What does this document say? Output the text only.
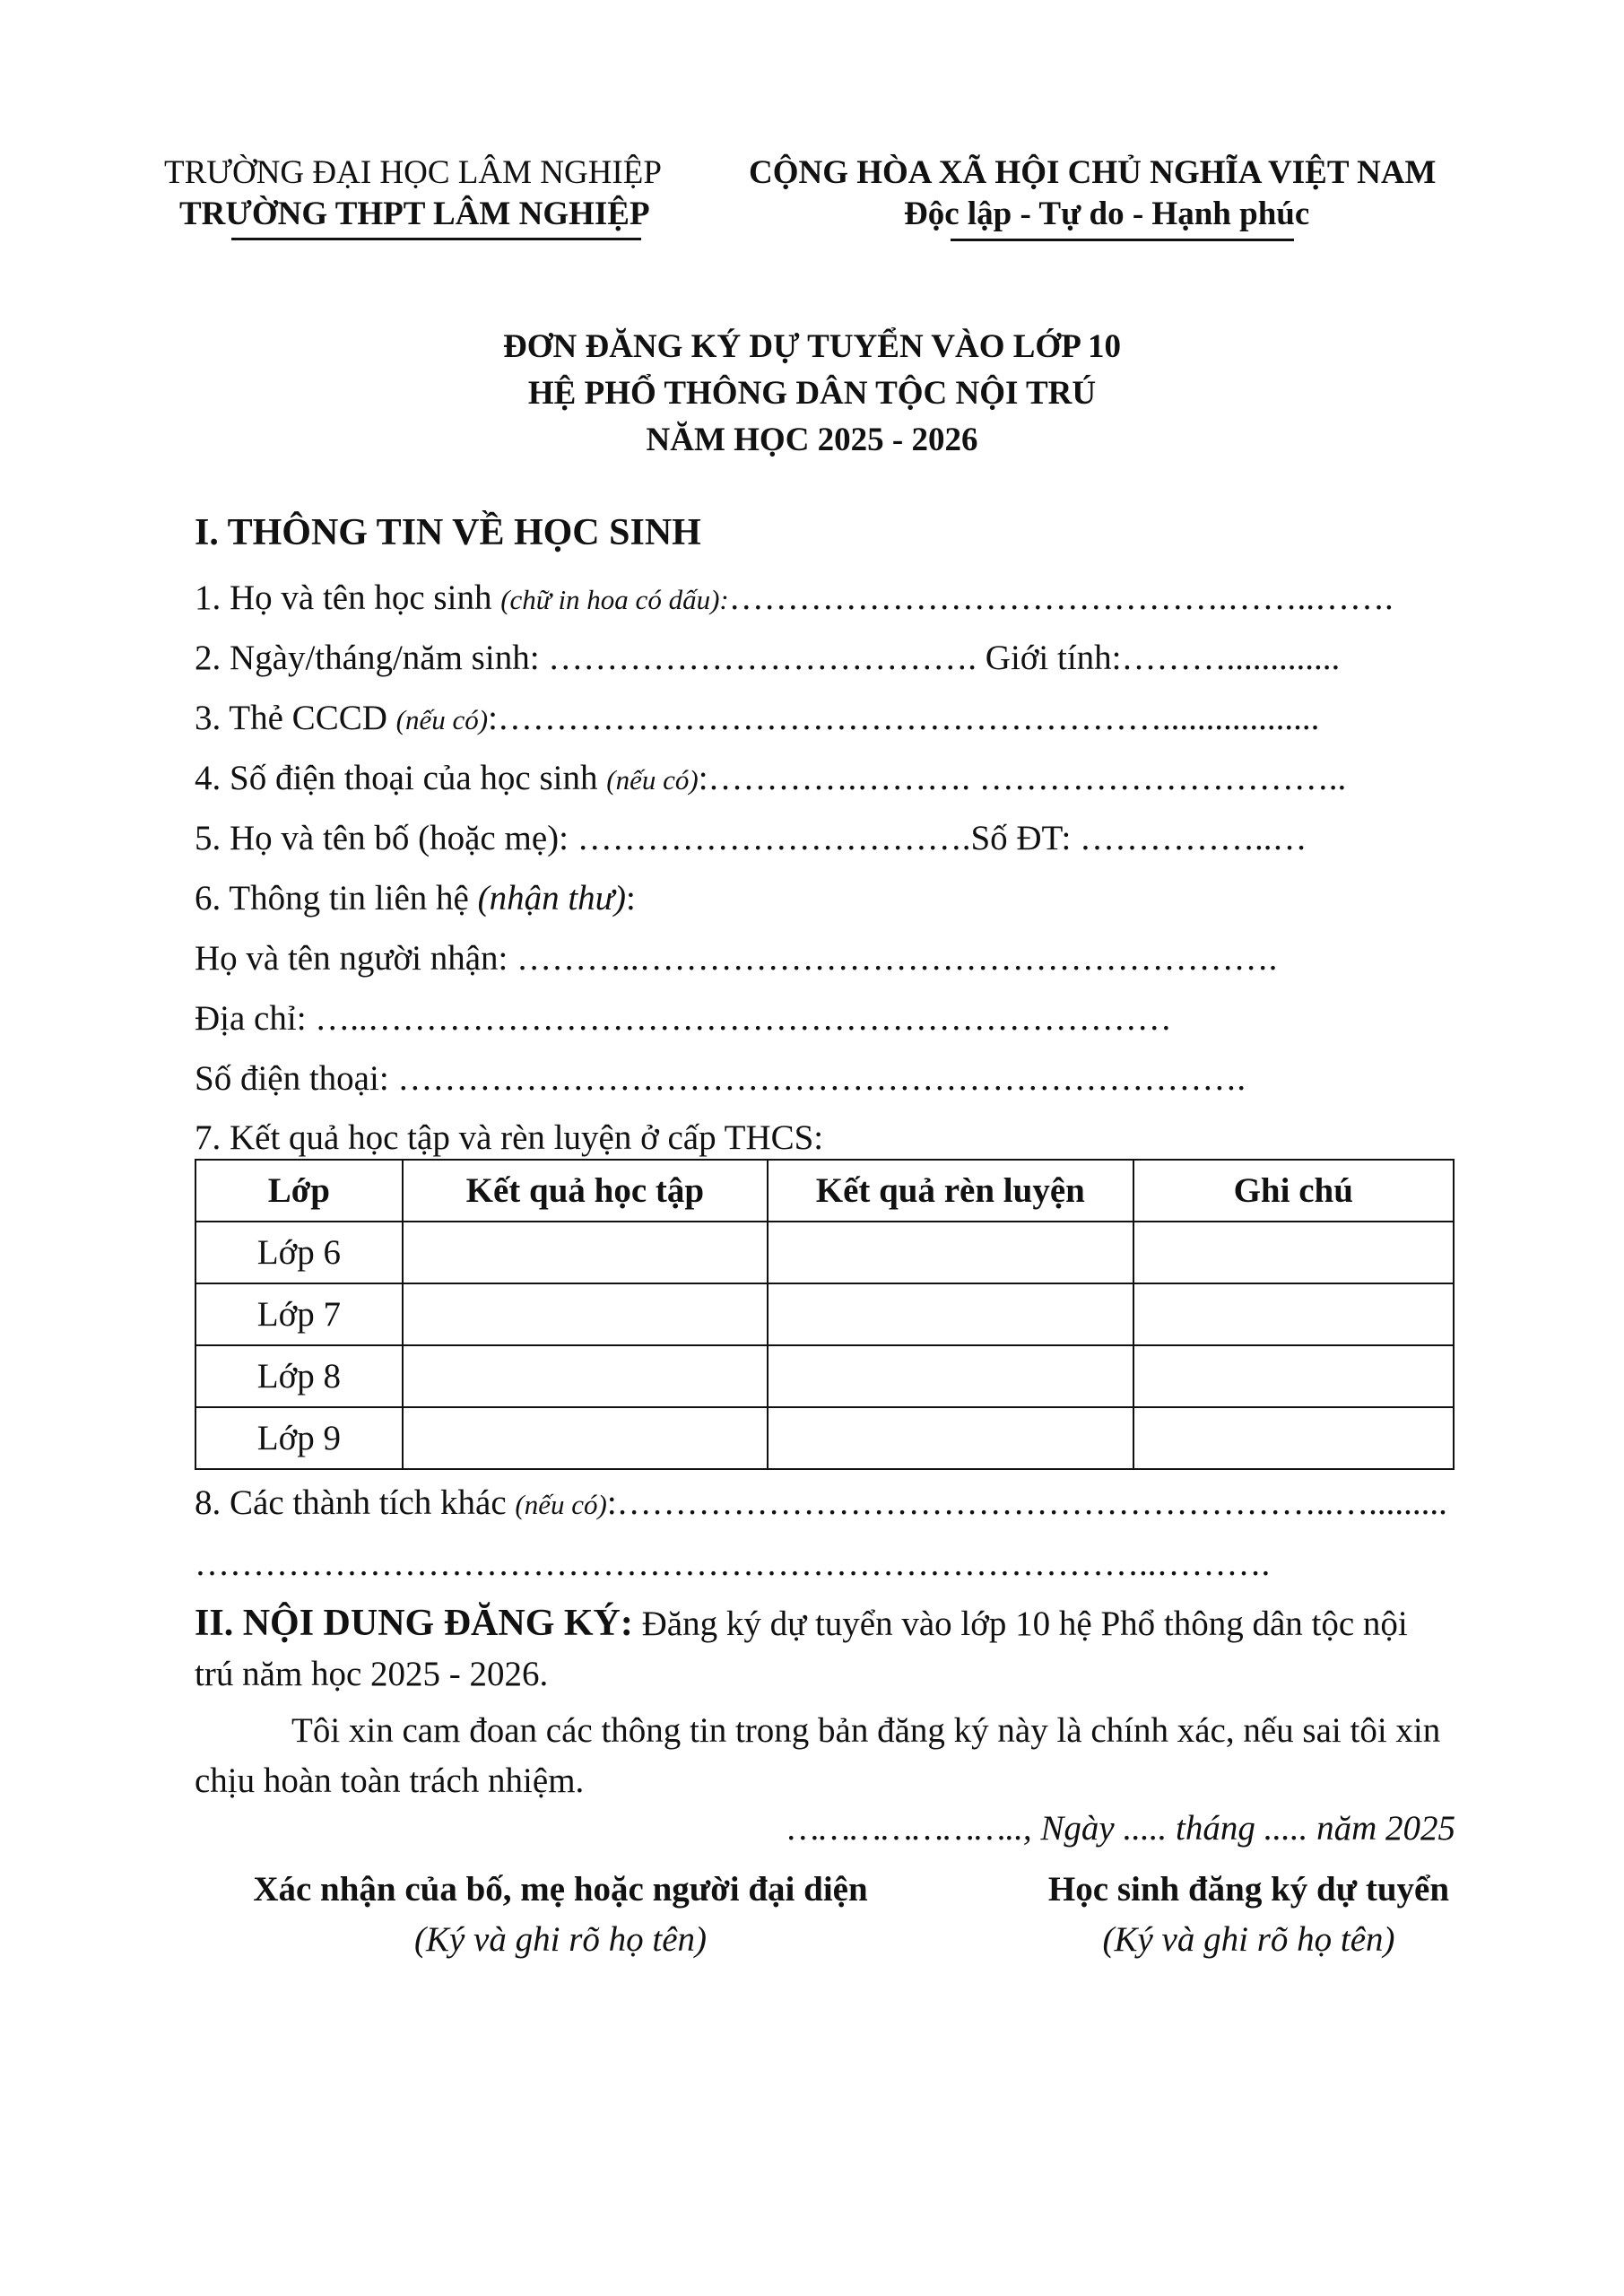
TRƯỜNG ĐẠI HỌC LÂM NGHIỆP
TRƯỜNG THPT LÂM NGHIỆP
CỘNG HÒA XÃ HỘI CHỦ NGHĨA VIỆT NAM
Độc lập - Tự do - Hạnh phúc
ĐƠN ĐĂNG KÝ DỰ TUYỂN VÀO LỚP 10
HỆ PHỔ THÔNG DÂN TỘC NỘI TRÚ
NĂM HỌC 2025 - 2026
I. THÔNG TIN VỀ HỌC SINH
1. Họ và tên học sinh (chữ in hoa có dấu):…………………………………….……..…….
2. Ngày/tháng/năm sinh: ………………………………. Giới tính:……….............
3. Thẻ CCCD (nếu có):…………………………………………………..................
4. Số điện thoại của học sinh (nếu có):………….………. …………………………..
5. Họ và tên bố (hoặc mẹ): …………………………….Số ĐT: ……………..…
6. Thông tin liên hệ (nhận thư):
Họ và tên người nhận: ………..……………………………………………….
Địa chỉ: …..……………………………………………………………
Số điện thoại: ……………………………………………………………….
7. Kết quả học tập và rèn luyện ở cấp THCS:
Lớp	Kết quả học tập	Kết quả rèn luyện	Ghi chú
Lớp 6			
Lớp 7			
Lớp 8			
Lớp 9			
8. Các thành tích khác (nếu có):……………………………………………………..….........
………………………………………………………………………..……….
II. NỘI DUNG ĐĂNG KÝ: Đăng ký dự tuyển vào lớp 10 hệ Phổ thông dân tộc nội trú năm học 2025 - 2026.
Tôi xin cam đoan các thông tin trong bản đăng ký này là chính xác, nếu sai tôi xin chịu hoàn toàn trách nhiệm.
………………….., Ngày ..... tháng ..... năm 2025
Xác nhận của bố, mẹ hoặc người đại diện
(Ký và ghi rõ họ tên)
Học sinh đăng ký dự tuyển
(Ký và ghi rõ họ tên)
